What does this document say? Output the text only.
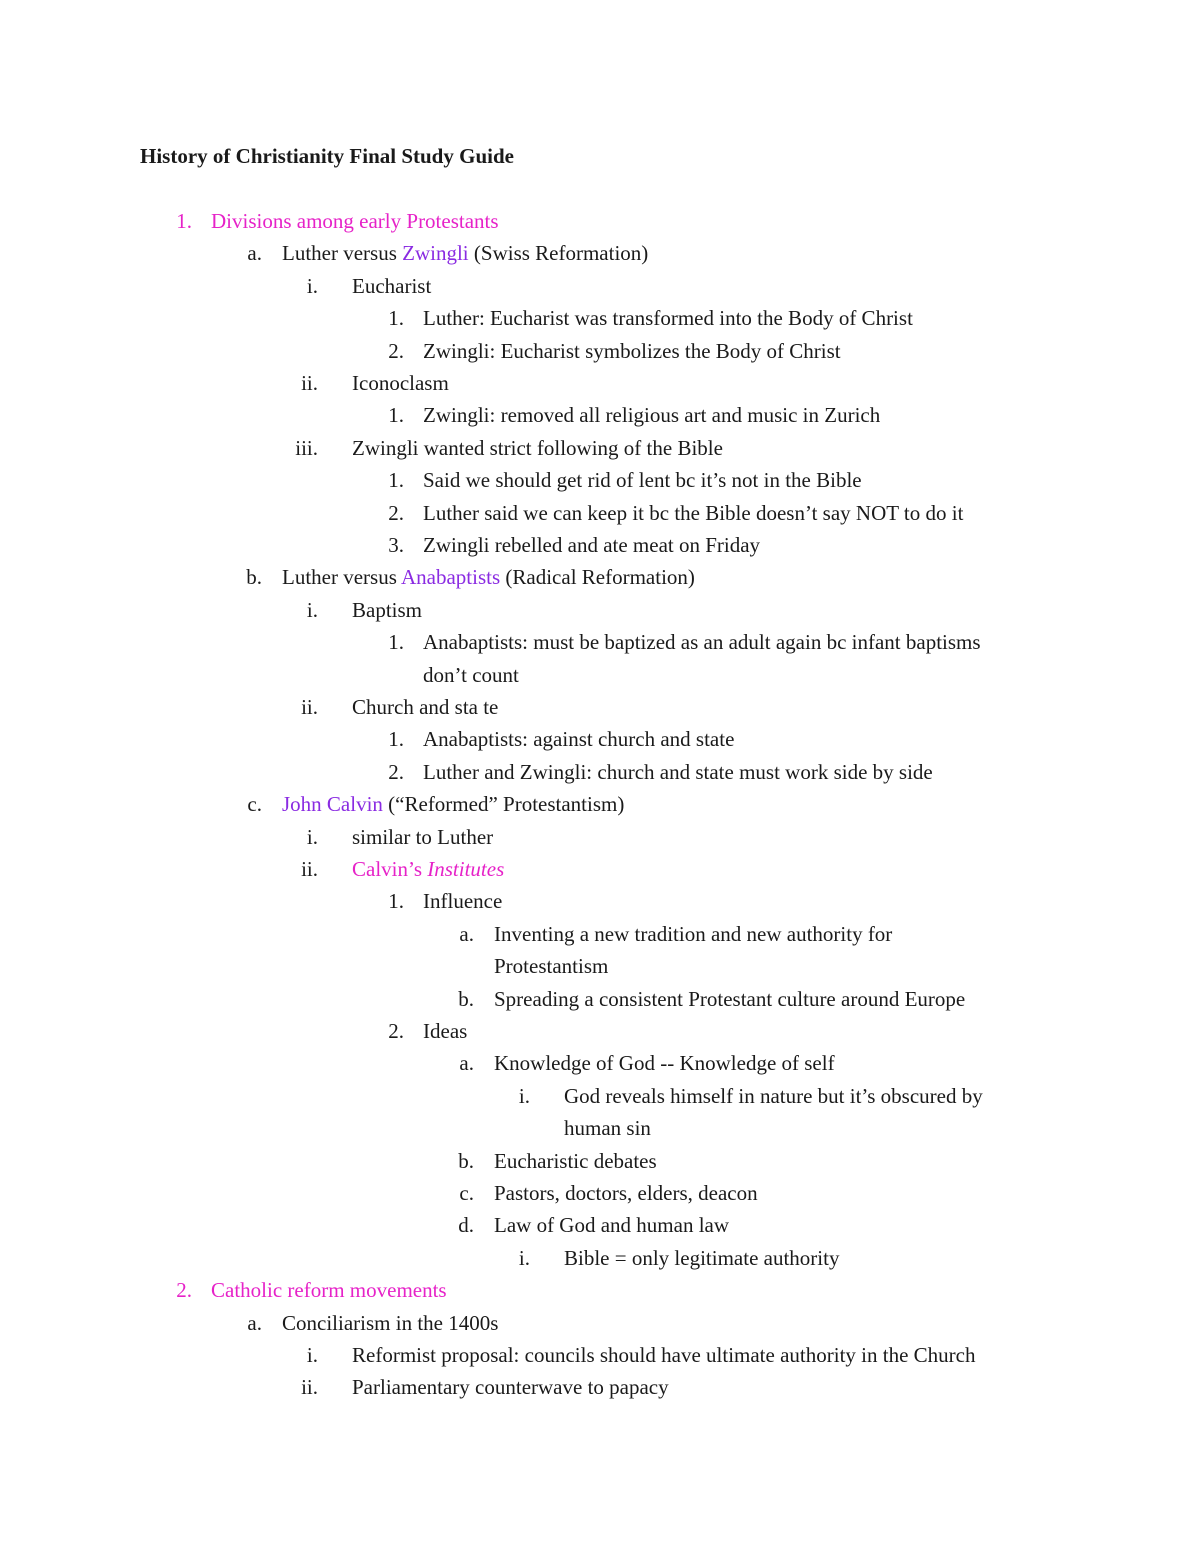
History of Christianity Final Study Guide
1. Divisions among early Protestants
a. Luther versus Zwingli (Swiss Reformation)
i. Eucharist
1. Luther: Eucharist was transformed into the Body of Christ
2. Zwingli: Eucharist symbolizes the Body of Christ
ii. Iconoclasm
1. Zwingli: removed all religious art and music in Zurich
iii. Zwingli wanted strict following of the Bible
1. Said we should get rid of lent bc it’s not in the Bible
2. Luther said we can keep it bc the Bible doesn’t say NOT to do it
3. Zwingli rebelled and ate meat on Friday
b. Luther versus Anabaptists (Radical Reformation)
i. Baptism
1. Anabaptists: must be baptized as an adult again bc infant baptisms
don’t count
ii. Church and sta te
1. Anabaptists: against church and state
2. Luther and Zwingli: church and state must work side by side
c. John Calvin (“Reformed” Protestantism)
i. similar to Luther
ii. Calvin’s Institutes
1. Influence
a. Inventing a new tradition and new authority for
Protestantism
b. Spreading a consistent Protestant culture around Europe
2. Ideas
a. Knowledge of God -- Knowledge of self
i. God reveals himself in nature but it’s obscured by
human sin
b. Eucharistic debates
c. Pastors, doctors, elders, deacon
d. Law of God and human law
i. Bible = only legitimate authority
2. Catholic reform movements
a. Conciliarism in the 1400s
i. Reformist proposal: councils should have ultimate authority in the Church
ii. Parliamentary counterwave to papacy
